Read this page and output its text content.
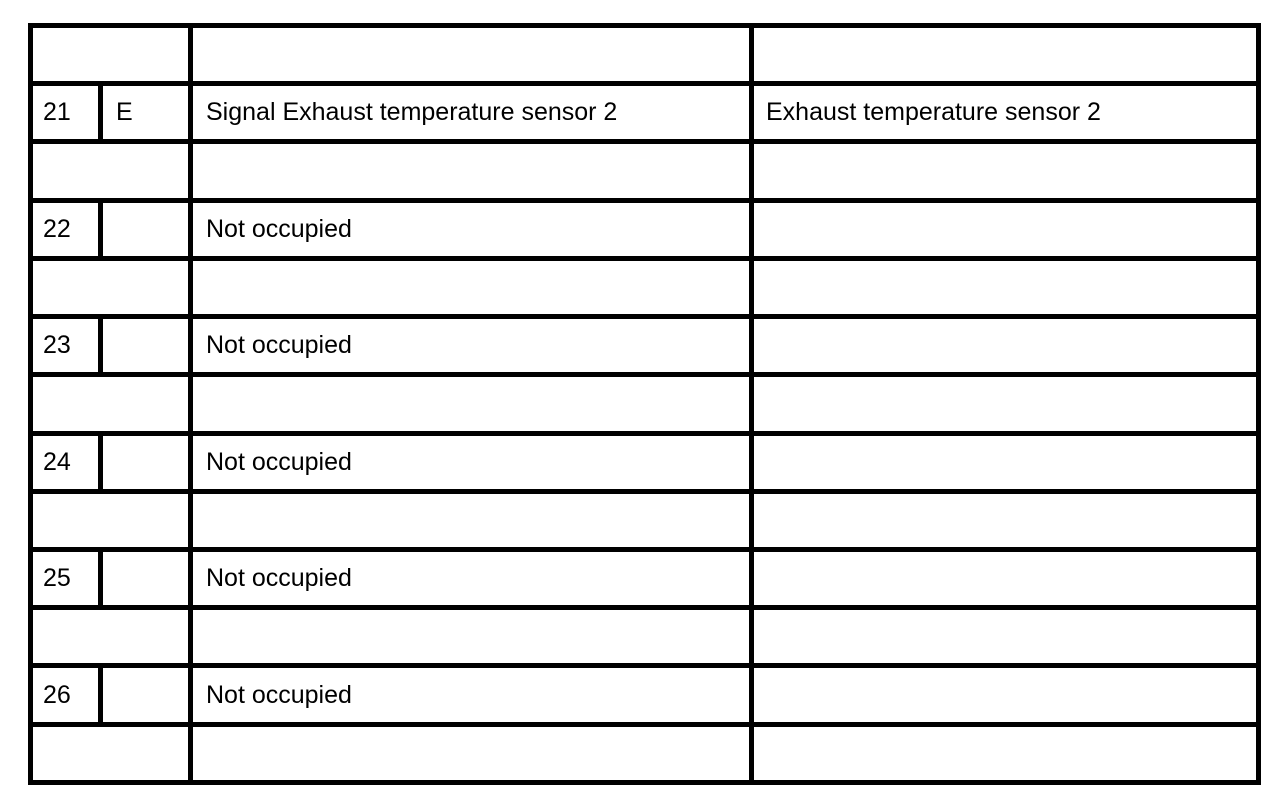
21	E	Signal Exhaust temperature sensor 2	Exhaust temperature sensor 2

22		Not occupied	

23		Not occupied	

24		Not occupied	

25		Not occupied	

26		Not occupied	
